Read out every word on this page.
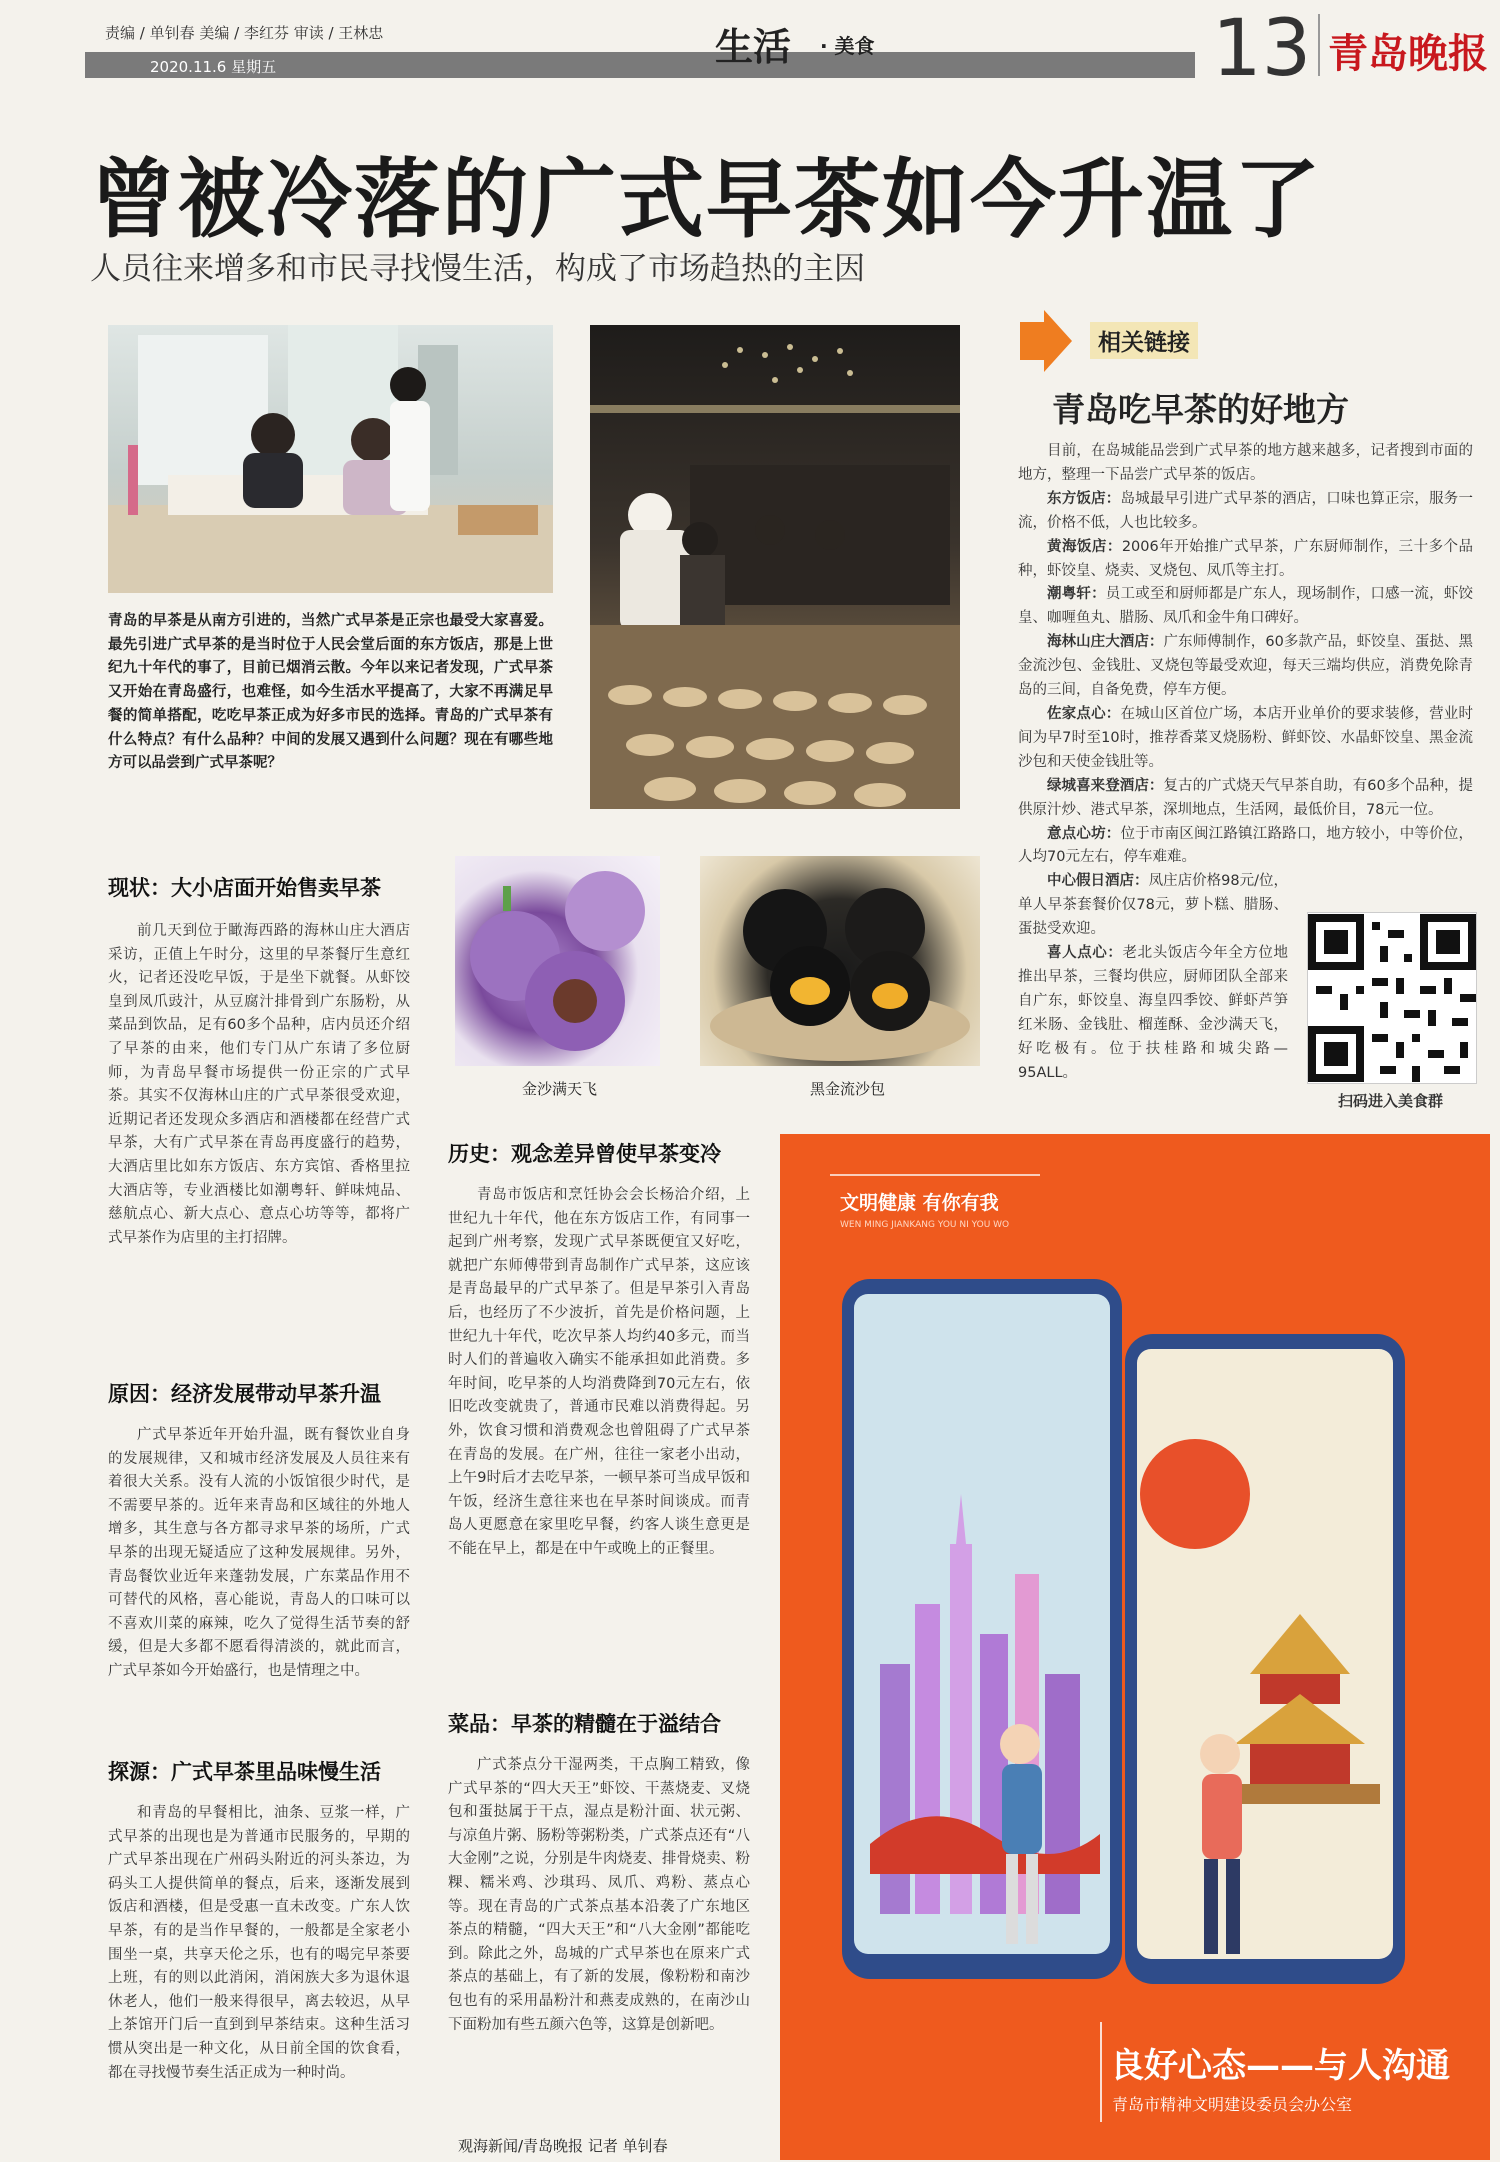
责编 / 单钊春 美编 / 李红芬 审读 / 王林忠
2020.11.6 星期五	生活 · 美食	13 青岛晚报
曾被冷落的广式早茶如今升温了
人员往来增多和市民寻找慢生活，构成了市场趋热的主因
青岛的早茶是从南方引进的，当然广式早茶是正宗也最受大家喜爱。最先引进广式早茶的是当时位于人民会堂后面的东方饭店，那是上世纪九十年代的事了，目前已烟消云散。今年以来记者发现，广式早茶又开始在青岛盛行，也难怪，如今生活水平提高了，大家不再满足早餐的简单搭配，吃吃早茶正成为好多市民的选择。青岛的广式早茶有什么特点？有什么品种？中间的发展又遇到什么问题？现在有哪些地方可以品尝到广式早茶呢？
金沙满天飞	黑金流沙包
现状：大小店面开始售卖早茶
前几天到位于瞰海西路的海林山庄大酒店采访，正值上午时分，这里的早茶餐厅生意红火，记者还没吃早饭，于是坐下就餐。从虾饺皇到凤爪豉汁，从豆腐汁排骨到广东肠粉，从菜品到饮品，足有60多个品种，店内员还介绍了早茶的由来，他们专门从广东请了多位厨师，为青岛早餐市场提供一份正宗的广式早茶。其实不仅海林山庄的广式早茶很受欢迎，近期记者还发现众多酒店和酒楼都在经营广式早茶，大有广式早茶在青岛再度盛行的趋势，大酒店里比如东方饭店、东方宾馆、香格里拉大酒店等，专业酒楼比如潮粤轩、鲜味炖品、慈航点心、新大点心、意点心坊等等，都将广式早茶作为店里的主打招牌。
原因：经济发展带动早茶升温
广式早茶近年开始升温，既有餐饮业自身的发展规律，又和城市经济发展及人员往来有着很大关系。没有人流的小饭馆很少时代，是不需要早茶的。近年来青岛和区域往的外地人增多，其生意与各方都寻求早茶的场所，广式早茶的出现无疑适应了这种发展规律。另外，青岛餐饮业近年来蓬勃发展，广东菜品作用不可替代的风格，喜心能说，青岛人的口味可以不喜欢川菜的麻辣，吃久了觉得生活节奏的舒缓，但是大多都不愿看得清淡的，就此而言，广式早茶如今开始盛行，也是情理之中。
探源：广式早茶里品味慢生活
和青岛的早餐相比，油条、豆浆一样，广式早茶的出现也是为普通市民服务的，早期的广式早茶出现在广州码头附近的河头茶边，为码头工人提供简单的餐点，后来，逐渐发展到饭店和酒楼，但是受惠一直未改变。广东人饮早茶，有的是当作早餐的，一般都是全家老小围坐一桌，共享天伦之乐，也有的喝完早茶要上班，有的则以此消闲，消闲族大多为退休退休老人，他们一般来得很早，离去较迟，从早上茶馆开门后一直到到早茶结束。这种生活习惯从突出是一种文化，从日前全国的饮食看，都在寻找慢节奏生活正成为一种时尚。
历史：观念差异曾使早茶变冷
青岛市饭店和烹饪协会会长杨洽介绍，上世纪九十年代，他在东方饭店工作，有同事一起到广州考察，发现广式早茶既便宜又好吃，就把广东师傅带到青岛制作广式早茶，这应该是青岛最早的广式早茶了。但是早茶引入青岛后，也经历了不少波折，首先是价格问题，上世纪九十年代，吃次早茶人均约40多元，而当时人们的普遍收入确实不能承担如此消费。多年时间，吃早茶的人均消费降到70元左右，依旧吃改变就贵了，普通市民难以消费得起。另外，饮食习惯和消费观念也曾阻碍了广式早茶在青岛的发展。在广州，往往一家老小出动，上午9时后才去吃早茶，一顿早茶可当成早饭和午饭，经济生意往来也在早茶时间谈成。而青岛人更愿意在家里吃早餐，约客人谈生意更是不能在早上，都是在中午或晚上的正餐里。
菜品：早茶的精髓在于溢结合
广式茶点分干湿两类，干点胸工精致，像广式早茶的“四大天王”虾饺、干蒸烧麦、叉烧包和蛋挞属于干点，湿点是粉汁面、状元粥、与凉鱼片粥、肠粉等粥粉类，广式茶点还有“八大金刚”之说，分别是牛肉烧麦、排骨烧卖、粉粿、糯米鸡、沙琪玛、凤爪、鸡粉、蒸点心等。现在青岛的广式茶点基本沿袭了广东地区茶点的精髓，“四大天王”和“八大金刚”都能吃到。除此之外，岛城的广式早茶也在原来广式茶点的基础上，有了新的发展，像粉粉和南沙包也有的采用晶粉汁和燕麦成熟的，在南沙山下面粉加有些五颜六色等，这算是创新吧。
观海新闻/青岛晚报 记者 单钊春
相关链接
青岛吃早茶的好地方
目前，在岛城能品尝到广式早茶的地方越来越多，记者搜到市面的地方，整理一下品尝广式早茶的饭店。
东方饭店：岛城最早引进广式早茶的酒店，口味也算正宗，服务一流，价格不低，人也比较多。
黄海饭店：2006年开始推广式早茶，广东厨师制作，三十多个品种，虾饺皇、烧卖、叉烧包、凤爪等主打。
潮粤轩：员工或至和厨师都是广东人，现场制作，口感一流，虾饺皇、咖喱鱼丸、腊肠、凤爪和金牛角口碑好。
海林山庄大酒店：广东师傅制作，60多款产品，虾饺皇、蛋挞、黑金流沙包、金钱肚、叉烧包等最受欢迎，每天三端均供应，消费免除青岛的三间，自备免费，停车方便。
佐家点心：在城山区首位广场，本店开业单价的要求装修，营业时间为早7时至10时，推荐香菜叉烧肠粉、鲜虾饺、水晶虾饺皇、黑金流沙包和天使金钱肚等。
绿城喜来登酒店：复古的广式烧天气早茶自助，有60多个品种，提供原汁炒、港式早茶，深圳地点，生活网，最低价目，78元一位。
意点心坊：位于市南区闽江路镇江路路口，地方较小，中等价位，人均70元左右，停车难难。
中心假日酒店：凤庄店价格98元/位，单人早茶套餐价仅78元，萝卜糕、腊肠、蛋挞受欢迎。
喜人点心：老北头饭店今年全方位地推出早茶，三餐均供应，厨师团队全部来自广东，虾饺皇、海皇四季饺、鲜虾芦笋红米肠、金钱肚、榴莲酥、金沙满天飞，好吃极有。位于扶桂路和城尖路—95ALL。
扫码进入美食群
文明健康 有你有我
WEN MING JIANKANG YOU NI YOU WO
良好心态——与人沟通
青岛市精神文明建设委员会办公室
